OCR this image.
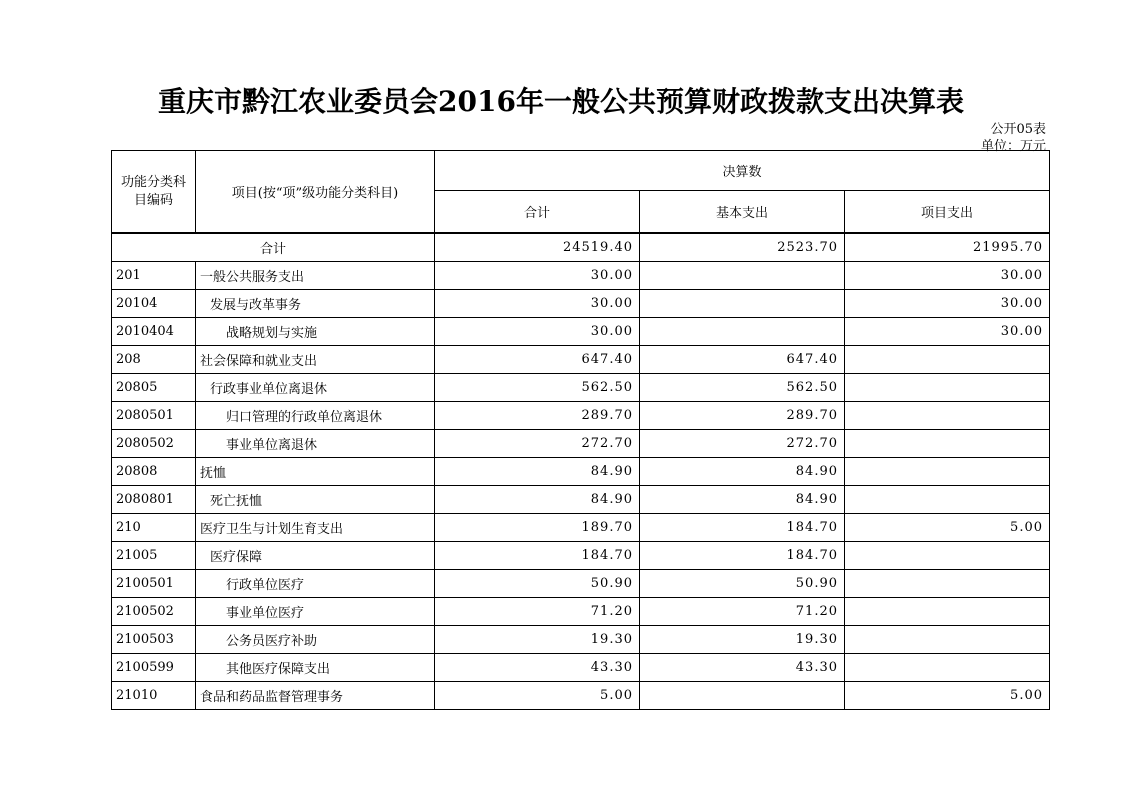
重庆市黔江农业委员会2016年一般公共预算财政拨款支出决算表
公开05表
单位：万元
功能分类科目编码	项目(按“项”级功能分类科目)	决算数		
		合计	基本支出	项目支出
合计		24519.40	2523.70	21995.70
201	一般公共服务支出	30.00		30.00
20104	发展与改革事务	30.00		30.00
2010404	战略规划与实施	30.00		30.00
208	社会保障和就业支出	647.40	647.40	
20805	行政事业单位离退休	562.50	562.50	
2080501	归口管理的行政单位离退休	289.70	289.70	
2080502	事业单位离退休	272.70	272.70	
20808	抚恤	84.90	84.90	
2080801	死亡抚恤	84.90	84.90	
210	医疗卫生与计划生育支出	189.70	184.70	5.00
21005	医疗保障	184.70	184.70	
2100501	行政单位医疗	50.90	50.90	
2100502	事业单位医疗	71.20	71.20	
2100503	公务员医疗补助	19.30	19.30	
2100599	其他医疗保障支出	43.30	43.30	
21010	食品和药品监督管理事务	5.00		5.00
